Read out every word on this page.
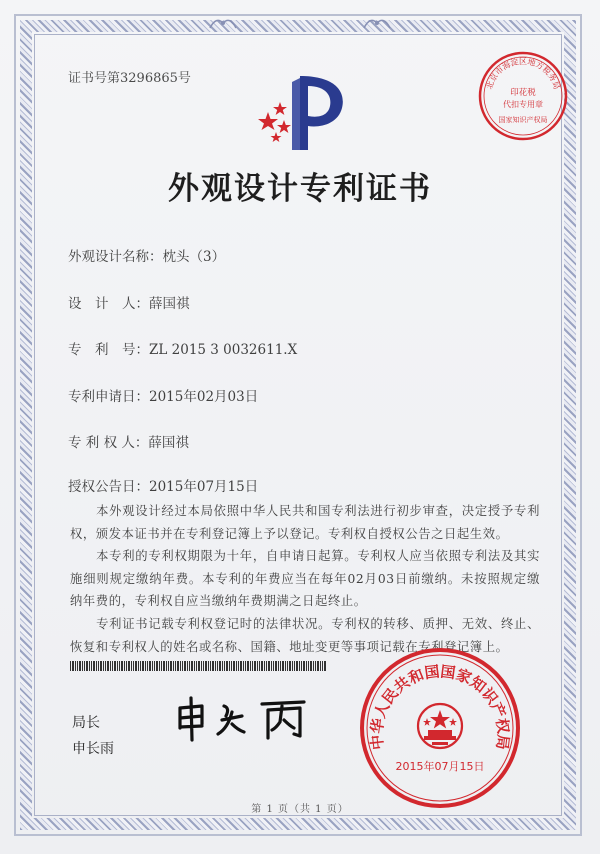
证书号第3296865号	北京市海淀区地方税务局
印花税
代扣专用章
国家知识产权局
外观设计专利证书
外观设计名称：枕头（3）
设　计　人：薛国祺
专　利　号：ZL 2015 3 0032611.X
专利申请日：2015年02月03日
专 利 权 人：薛国祺
授权公告日：2015年07月15日

　　本外观设计经过本局依照中华人民共和国专利法进行初步审查，决定授予专利权，颁发本证书并在专利登记簿上予以登记。专利权自授权公告之日起生效。

　　本专利的专利权期限为十年，自申请日起算。专利权人应当依照专利法及其实施细则规定缴纳年费。本专利的年费应当在每年02月03日前缴纳。未按照规定缴纳年费的，专利权自应当缴纳年费期满之日起终止。

　　专利证书记载专利权登记时的法律状况。专利权的转移、质押、无效、终止、恢复和专利权人的姓名或名称、国籍、地址变更等事项记载在专利登记簿上。

局长
申长雨	中华人民共和国国家知识产权局
2015年07月15日
第 1 页（共 1 页）
